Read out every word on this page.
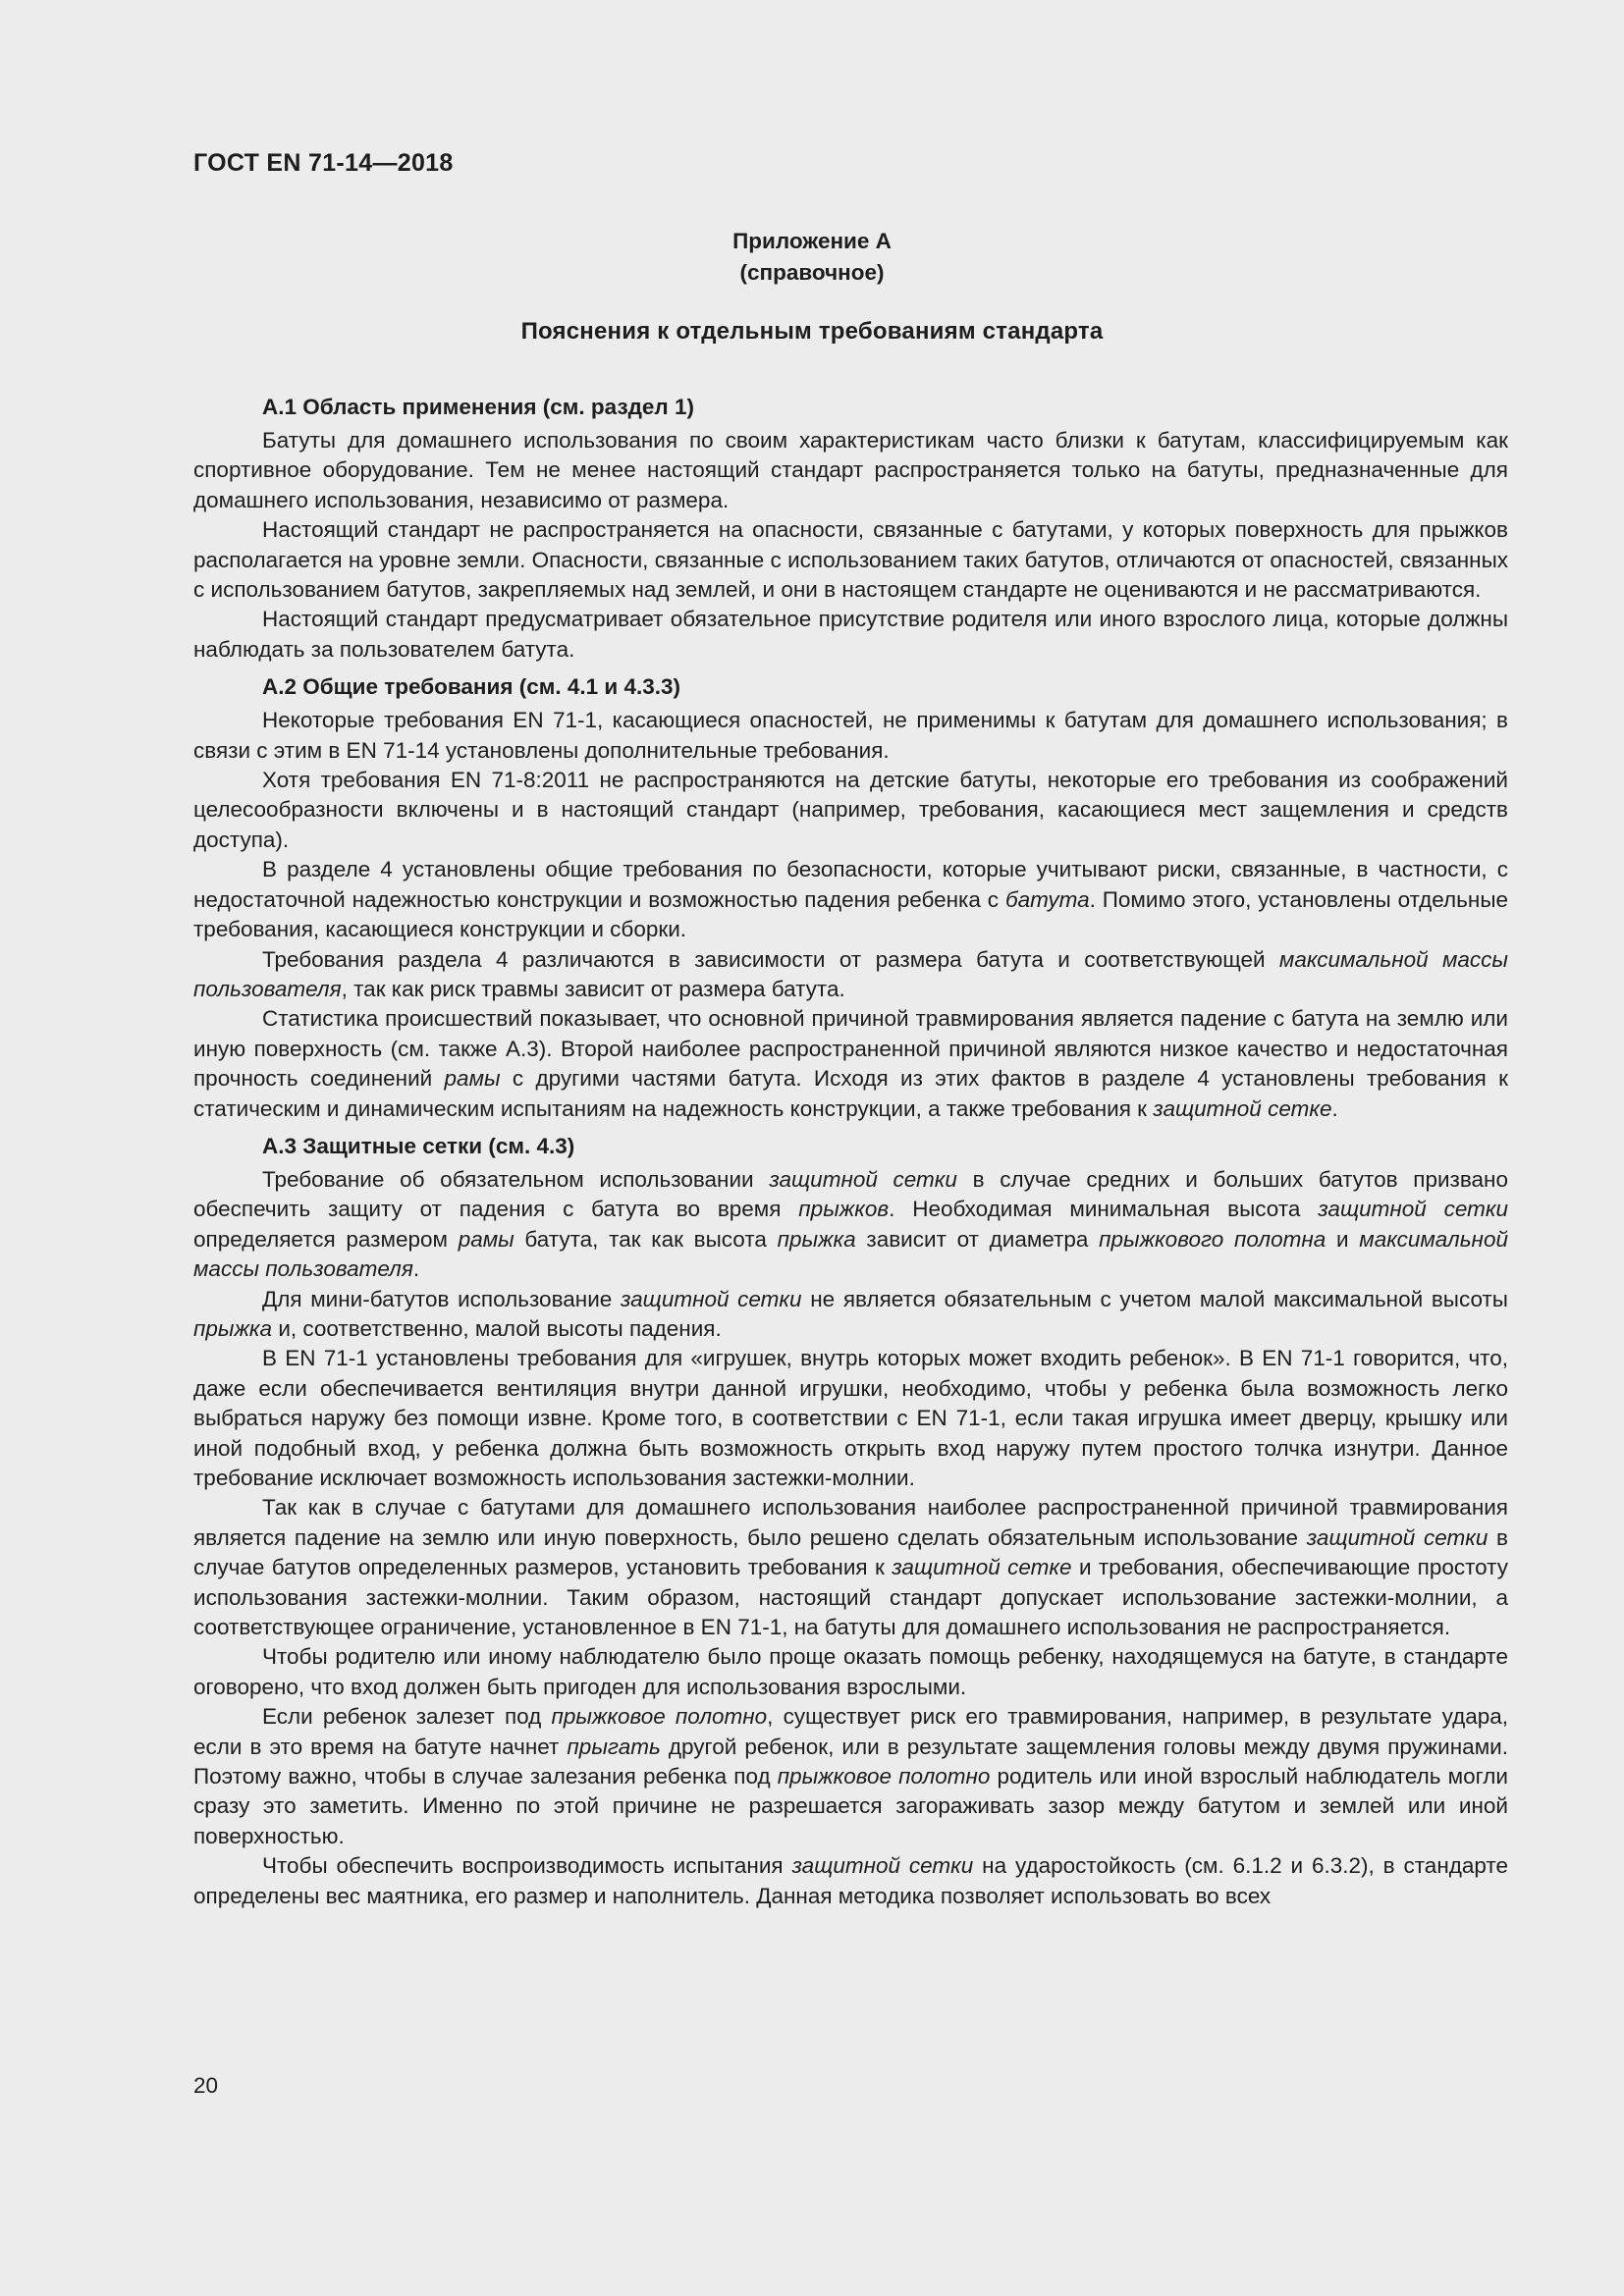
ГОСТ EN 71-14—2018
Приложение А
(справочное)
Пояснения к отдельным требованиям стандарта
А.1 Область применения (см. раздел 1)

Батуты для домашнего использования по своим характеристикам часто близки к батутам, классифицируемым как спортивное оборудование. Тем не менее настоящий стандарт распространяется только на батуты, предназначенные для домашнего использования, независимо от размера.

Настоящий стандарт не распространяется на опасности, связанные с батутами, у которых поверхность для прыжков располагается на уровне земли. Опасности, связанные с использованием таких батутов, отличаются от опасностей, связанных с использованием батутов, закрепляемых над землей, и они в настоящем стандарте не оцениваются и не рассматриваются.

Настоящий стандарт предусматривает обязательное присутствие родителя или иного взрослого лица, которые должны наблюдать за пользователем батута.

А.2 Общие требования (см. 4.1 и 4.3.3)

Некоторые требования EN 71-1, касающиеся опасностей, не применимы к батутам для домашнего использования; в связи с этим в EN 71-14 установлены дополнительные требования.

Хотя требования EN 71-8:2011 не распространяются на детские батуты, некоторые его требования из соображений целесообразности включены и в настоящий стандарт (например, требования, касающиеся мест защемления и средств доступа).

В разделе 4 установлены общие требования по безопасности, которые учитывают риски, связанные, в частности, с недостаточной надежностью конструкции и возможностью падения ребенка с батута. Помимо этого, установлены отдельные требования, касающиеся конструкции и сборки.

Требования раздела 4 различаются в зависимости от размера батута и соответствующей максимальной массы пользователя, так как риск травмы зависит от размера батута.

Статистика происшествий показывает, что основной причиной травмирования является падение с батута на землю или иную поверхность (см. также А.3). Второй наиболее распространенной причиной являются низкое качество и недостаточная прочность соединений рамы с другими частями батута. Исходя из этих фактов в разделе 4 установлены требования к статическим и динамическим испытаниям на надежность конструкции, а также требования к защитной сетке.

А.3 Защитные сетки (см. 4.3)

Требование об обязательном использовании защитной сетки в случае средних и больших батутов призвано обеспечить защиту от падения с батута во время прыжков. Необходимая минимальная высота защитной сетки определяется размером рамы батута, так как высота прыжка зависит от диаметра прыжкового полотна и максимальной массы пользователя.

Для мини-батутов использование защитной сетки не является обязательным с учетом малой максимальной высоты прыжка и, соответственно, малой высоты падения.

В EN 71-1 установлены требования для «игрушек, внутрь которых может входить ребенок». В EN 71-1 говорится, что, даже если обеспечивается вентиляция внутри данной игрушки, необходимо, чтобы у ребенка была возможность легко выбраться наружу без помощи извне. Кроме того, в соответствии с EN 71-1, если такая игрушка имеет дверцу, крышку или иной подобный вход, у ребенка должна быть возможность открыть вход наружу путем простого толчка изнутри. Данное требование исключает возможность использования застежки-молнии.

Так как в случае с батутами для домашнего использования наиболее распространенной причиной травмирования является падение на землю или иную поверхность, было решено сделать обязательным использование защитной сетки в случае батутов определенных размеров, установить требования к защитной сетке и требования, обеспечивающие простоту использования застежки-молнии. Таким образом, настоящий стандарт допускает использование застежки-молнии, а соответствующее ограничение, установленное в EN 71-1, на батуты для домашнего использования не распространяется.

Чтобы родителю или иному наблюдателю было проще оказать помощь ребенку, находящемуся на батуте, в стандарте оговорено, что вход должен быть пригоден для использования взрослыми.

Если ребенок залезет под прыжковое полотно, существует риск его травмирования, например, в результате удара, если в это время на батуте начнет прыгать другой ребенок, или в результате защемления головы между двумя пружинами. Поэтому важно, чтобы в случае залезания ребенка под прыжковое полотно родитель или иной взрослый наблюдатель могли сразу это заметить. Именно по этой причине не разрешается загораживать зазор между батутом и землей или иной поверхностью.

Чтобы обеспечить воспроизводимость испытания защитной сетки на ударостойкость (см. 6.1.2 и 6.3.2), в стандарте определены вес маятника, его размер и наполнитель. Данная методика позволяет использовать во всех

20
